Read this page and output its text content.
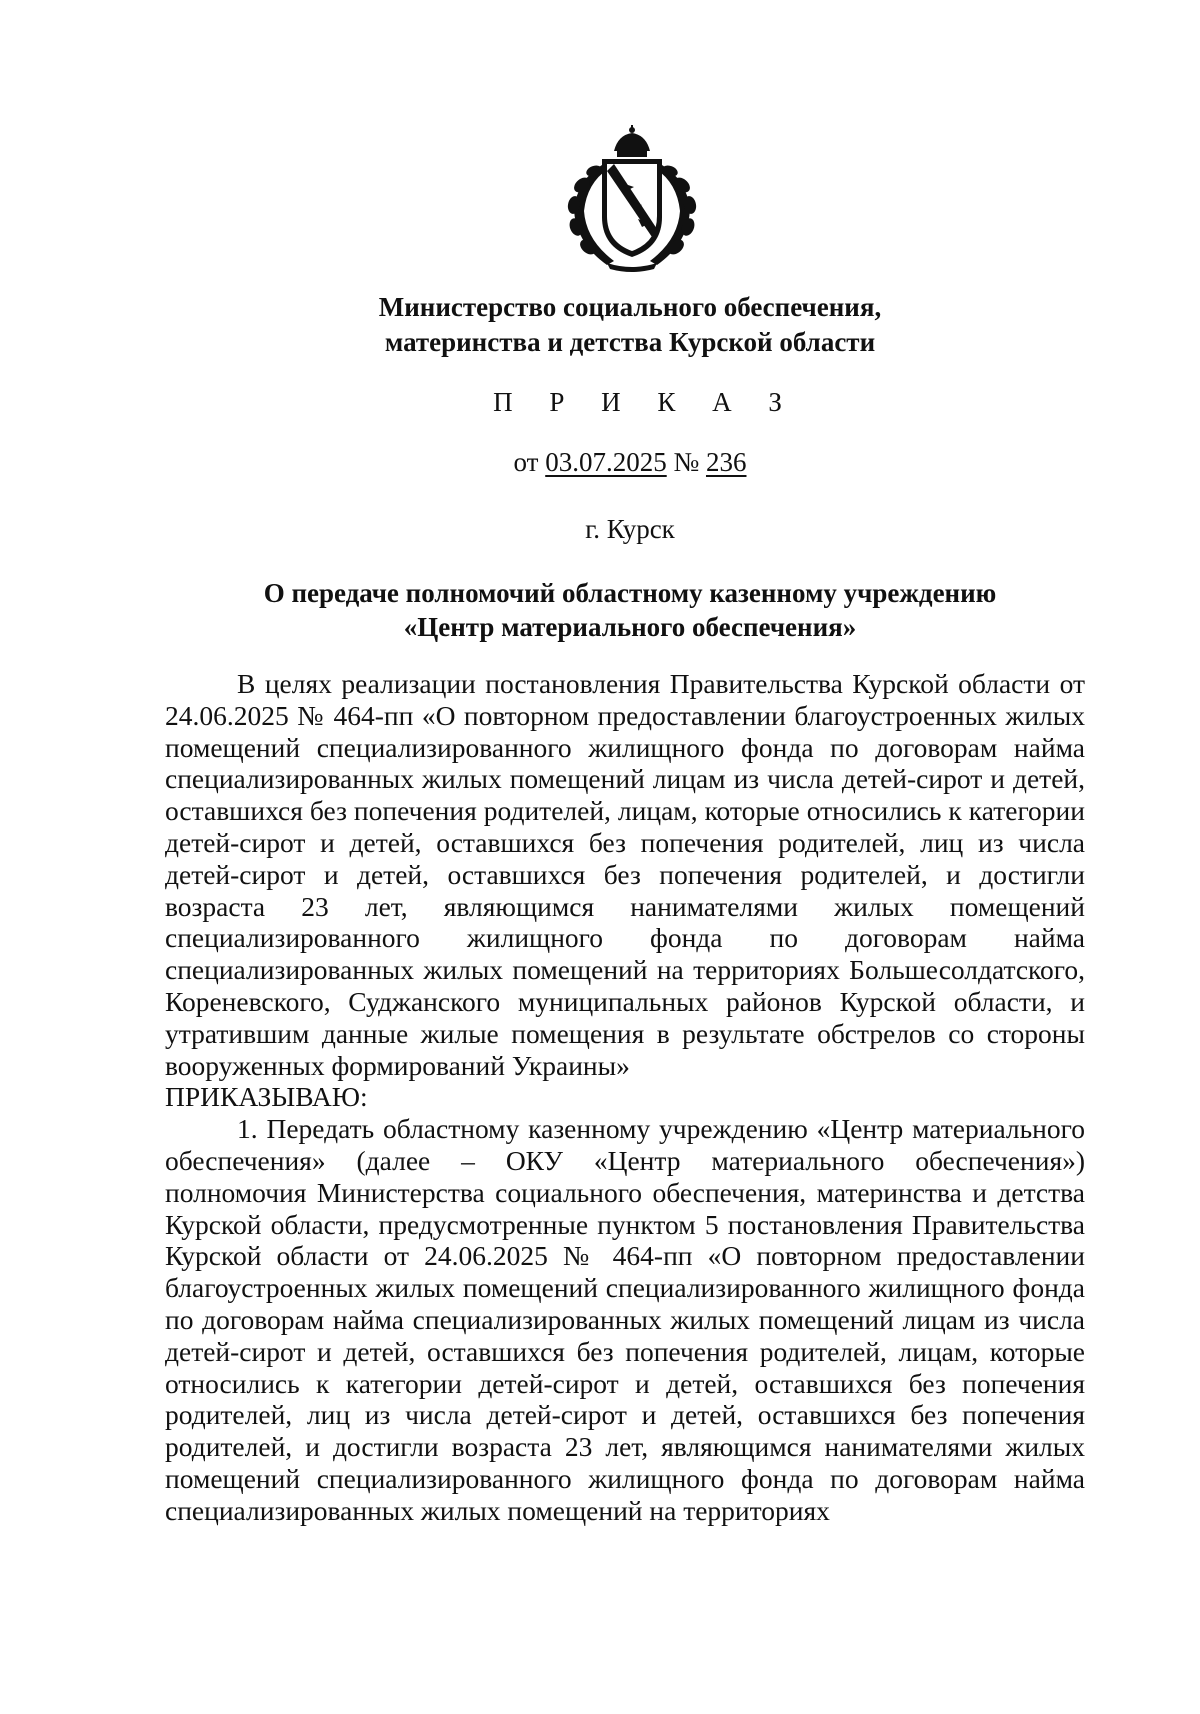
Министерство социального обеспечения,
материнства и детства Курской области
П Р И К А З
от 03.07.2025 № 236
г. Курск
О передаче полномочий областному казенному учреждению
«Центр материального обеспечения»

В целях реализации постановления Правительства Курской области от 24.06.2025 № 464-пп «О повторном предоставлении благоустроенных жилых помещений специализированного жилищного фонда по договорам найма специализированных жилых помещений лицам из числа детей-сирот и детей, оставшихся без попечения родителей, лицам, которые относились к категории детей-сирот и детей, оставшихся без попечения родителей, лиц из числа детей-сирот и детей, оставшихся без попечения родителей, и достигли возраста 23 лет, являющимся нанимателями жилых помещений специализированного жилищного фонда по договорам найма специализированных жилых помещений на территориях Большесолдатского, Кореневского, Суджанского муниципальных районов Курской области, и утратившим данные жилые помещения в результате обстрелов со стороны вооруженных формирований Украины»

ПРИКАЗЫВАЮ:

1. Передать областному казенному учреждению «Центр материального обеспечения» (далее – ОКУ «Центр материального обеспечения») полномочия Министерства социального обеспечения, материнства и детства Курской области, предусмотренные пунктом 5 постановления Правительства Курской области от 24.06.2025 № 464-пп «О повторном предоставлении благоустроенных жилых помещений специализированного жилищного фонда по договорам найма специализированных жилых помещений лицам из числа детей-сирот и детей, оставшихся без попечения родителей, лицам, которые относились к категории детей-сирот и детей, оставшихся без попечения родителей, лиц из числа детей-сирот и детей, оставшихся без попечения родителей, и достигли возраста 23 лет, являющимся нанимателями жилых помещений специализированного жилищного фонда по договорам найма специализированных жилых помещений на территориях
